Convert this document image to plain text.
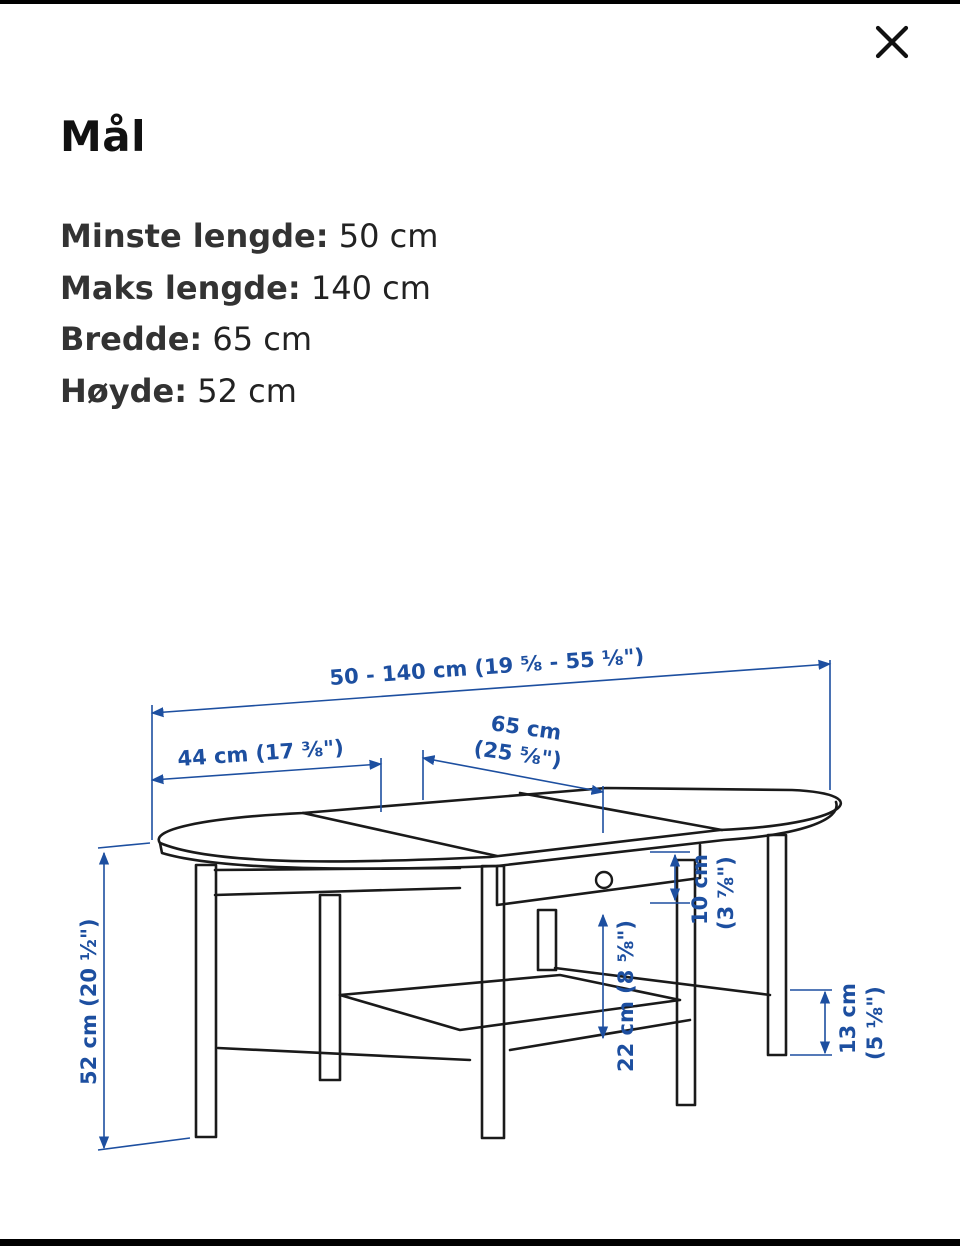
Mål
Minste lengde: 50 cm
Maks lengde: 140 cm
Bredde: 65 cm
Høyde: 52 cm
50 - 140 cm (19 ⅝ - 55 ⅛")
44 cm (17 ⅜")
65 cm
(25 ⅝")
52 cm (20 ½")
10 cm (3 ⅞")
22 cm (8 ⅝")	13 cm (5 ⅛")
